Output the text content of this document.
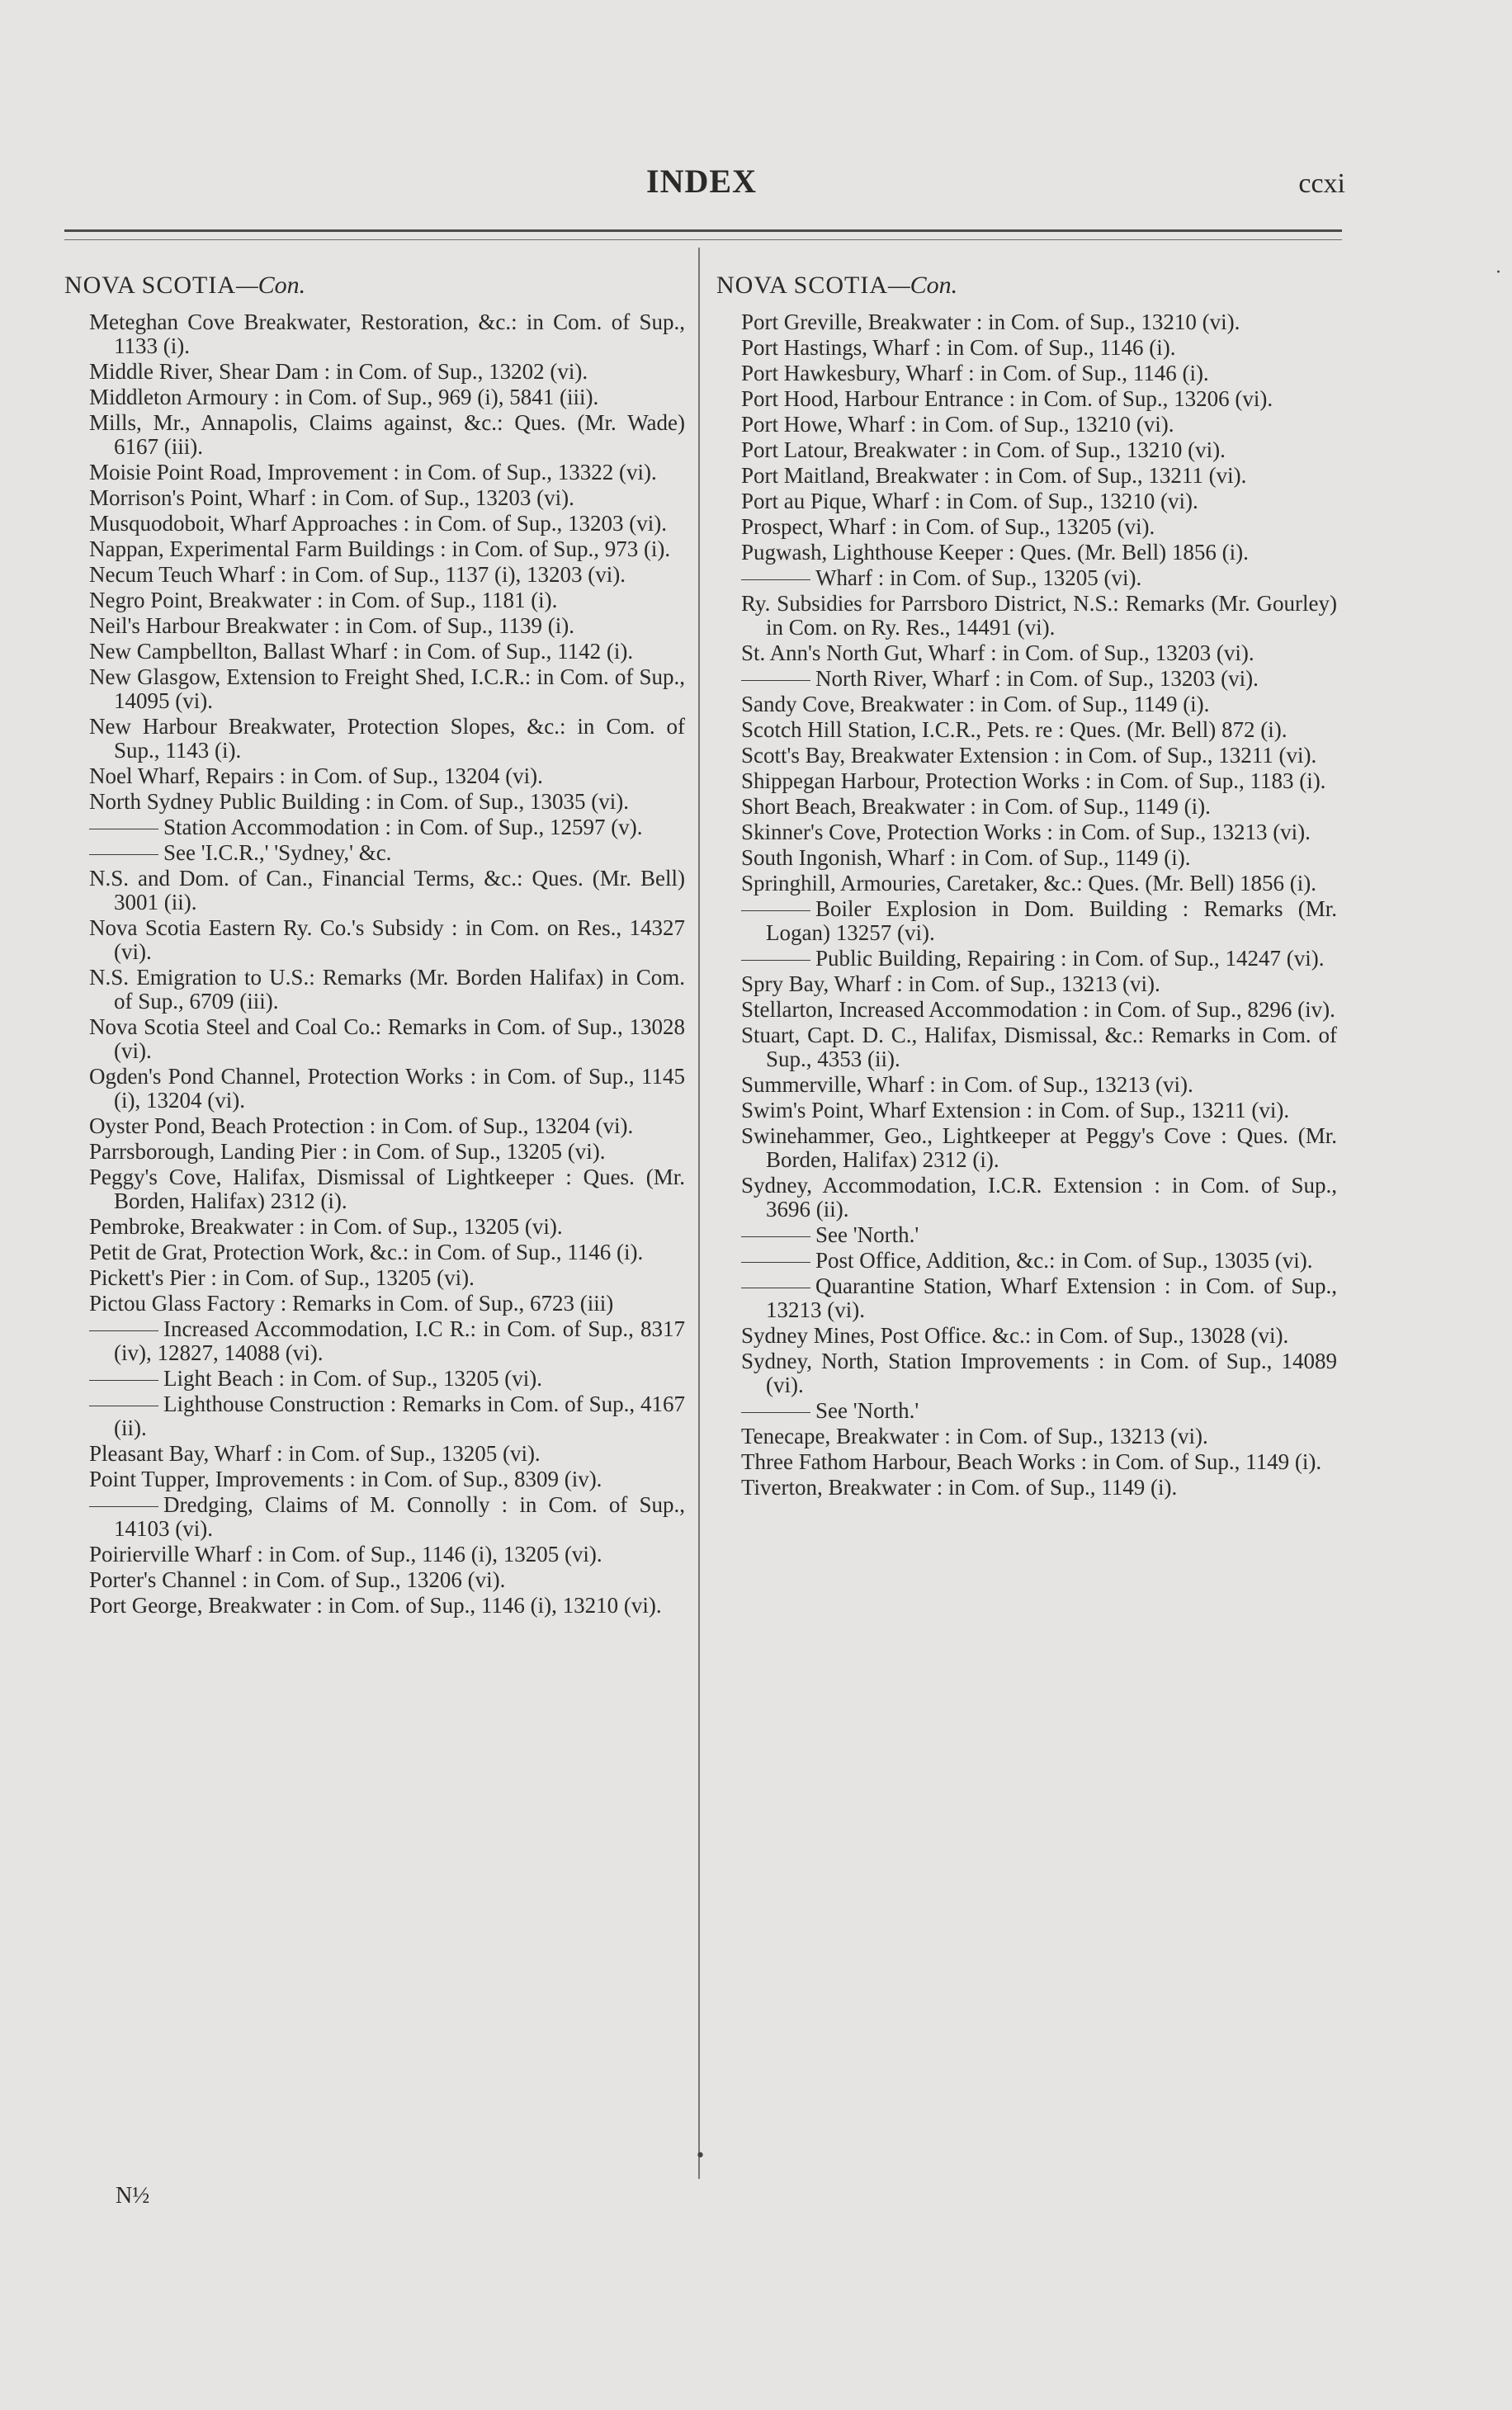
INDEX	ccxi
NOVA SCOTIA—Con.
Meteghan Cove Breakwater, Restoration, &c.: in Com. of Sup., 1133 (i).
Middle River, Shear Dam : in Com. of Sup., 13202 (vi).
Middleton Armoury : in Com. of Sup., 969 (i), 5841 (iii).
Mills, Mr., Annapolis, Claims against, &c.: Ques. (Mr. Wade) 6167 (iii).
Moisie Point Road, Improvement : in Com. of Sup., 13322 (vi).
Morrison's Point, Wharf : in Com. of Sup., 13203 (vi).
Musquodoboit, Wharf Approaches : in Com. of Sup., 13203 (vi).
Nappan, Experimental Farm Buildings : in Com. of Sup., 973 (i).
Necum Teuch Wharf : in Com. of Sup., 1137 (i), 13203 (vi).
Negro Point, Breakwater : in Com. of Sup., 1181 (i).
Neil's Harbour Breakwater : in Com. of Sup., 1139 (i).
New Campbellton, Ballast Wharf : in Com. of Sup., 1142 (i).
New Glasgow, Extension to Freight Shed, I.C.R.: in Com. of Sup., 14095 (vi).
New Harbour Breakwater, Protection Slopes, &c.: in Com. of Sup., 1143 (i).
Noel Wharf, Repairs : in Com. of Sup., 13204 (vi).
North Sydney Public Building : in Com. of Sup., 13035 (vi).
Station Accommodation : in Com. of Sup., 12597 (v).
See 'I.C.R.,' 'Sydney,' &c.
N.S. and Dom. of Can., Financial Terms, &c.: Ques. (Mr. Bell) 3001 (ii).
Nova Scotia Eastern Ry. Co.'s Subsidy : in Com. on Res., 14327 (vi).
N.S. Emigration to U.S.: Remarks (Mr. Borden Halifax) in Com. of Sup., 6709 (iii).
Nova Scotia Steel and Coal Co.: Remarks in Com. of Sup., 13028 (vi).
Ogden's Pond Channel, Protection Works : in Com. of Sup., 1145 (i), 13204 (vi).
Oyster Pond, Beach Protection : in Com. of Sup., 13204 (vi).
Parrsborough, Landing Pier : in Com. of Sup., 13205 (vi).
Peggy's Cove, Halifax, Dismissal of Lightkeeper : Ques. (Mr. Borden, Halifax) 2312 (i).
Pembroke, Breakwater : in Com. of Sup., 13205 (vi).
Petit de Grat, Protection Work, &c.: in Com. of Sup., 1146 (i).
Pickett's Pier : in Com. of Sup., 13205 (vi).
Pictou Glass Factory : Remarks in Com. of Sup., 6723 (iii)
Increased Accommodation, I.C R.: in Com. of Sup., 8317 (iv), 12827, 14088 (vi).
Light Beach : in Com. of Sup., 13205 (vi).
Lighthouse Construction : Remarks in Com. of Sup., 4167 (ii).
Pleasant Bay, Wharf : in Com. of Sup., 13205 (vi).
Point Tupper, Improvements : in Com. of Sup., 8309 (iv).
Dredging, Claims of M. Connolly : in Com. of Sup., 14103 (vi).
Poirierville Wharf : in Com. of Sup., 1146 (i), 13205 (vi).
Porter's Channel : in Com. of Sup., 13206 (vi).
Port George, Breakwater : in Com. of Sup., 1146 (i), 13210 (vi).
NOVA SCOTIA—Con.
Port Greville, Breakwater : in Com. of Sup., 13210 (vi).
Port Hastings, Wharf : in Com. of Sup., 1146 (i).
Port Hawkesbury, Wharf : in Com. of Sup., 1146 (i).
Port Hood, Harbour Entrance : in Com. of Sup., 13206 (vi).
Port Howe, Wharf : in Com. of Sup., 13210 (vi).
Port Latour, Breakwater : in Com. of Sup., 13210 (vi).
Port Maitland, Breakwater : in Com. of Sup., 13211 (vi).
Port au Pique, Wharf : in Com. of Sup., 13210 (vi).
Prospect, Wharf : in Com. of Sup., 13205 (vi).
Pugwash, Lighthouse Keeper : Ques. (Mr. Bell) 1856 (i).
Wharf : in Com. of Sup., 13205 (vi).
Ry. Subsidies for Parrsboro District, N.S.: Remarks (Mr. Gourley) in Com. on Ry. Res., 14491 (vi).
St. Ann's North Gut, Wharf : in Com. of Sup., 13203 (vi).
North River, Wharf : in Com. of Sup., 13203 (vi).
Sandy Cove, Breakwater : in Com. of Sup., 1149 (i).
Scotch Hill Station, I.C.R., Pets. re : Ques. (Mr. Bell) 872 (i).
Scott's Bay, Breakwater Extension : in Com. of Sup., 13211 (vi).
Shippegan Harbour, Protection Works : in Com. of Sup., 1183 (i).
Short Beach, Breakwater : in Com. of Sup., 1149 (i).
Skinner's Cove, Protection Works : in Com. of Sup., 13213 (vi).
South Ingonish, Wharf : in Com. of Sup., 1149 (i).
Springhill, Armouries, Caretaker, &c.: Ques. (Mr. Bell) 1856 (i).
Boiler Explosion in Dom. Building : Remarks (Mr. Logan) 13257 (vi).
Public Building, Repairing : in Com. of Sup., 14247 (vi).
Spry Bay, Wharf : in Com. of Sup., 13213 (vi).
Stellarton, Increased Accommodation : in Com. of Sup., 8296 (iv).
Stuart, Capt. D. C., Halifax, Dismissal, &c.: Remarks in Com. of Sup., 4353 (ii).
Summerville, Wharf : in Com. of Sup., 13213 (vi).
Swim's Point, Wharf Extension : in Com. of Sup., 13211 (vi).
Swinehammer, Geo., Lightkeeper at Peggy's Cove : Ques. (Mr. Borden, Halifax) 2312 (i).
Sydney, Accommodation, I.C.R. Extension : in Com. of Sup., 3696 (ii).
See 'North.'
Post Office, Addition, &c.: in Com. of Sup., 13035 (vi).
Quarantine Station, Wharf Extension : in Com. of Sup., 13213 (vi).
Sydney Mines, Post Office. &c.: in Com. of Sup., 13028 (vi).
Sydney, North, Station Improvements : in Com. of Sup., 14089 (vi).
See 'North.'
Tenecape, Breakwater : in Com. of Sup., 13213 (vi).
Three Fathom Harbour, Beach Works : in Com. of Sup., 1149 (i).
Tiverton, Breakwater : in Com. of Sup., 1149 (i).
N½
·
•
